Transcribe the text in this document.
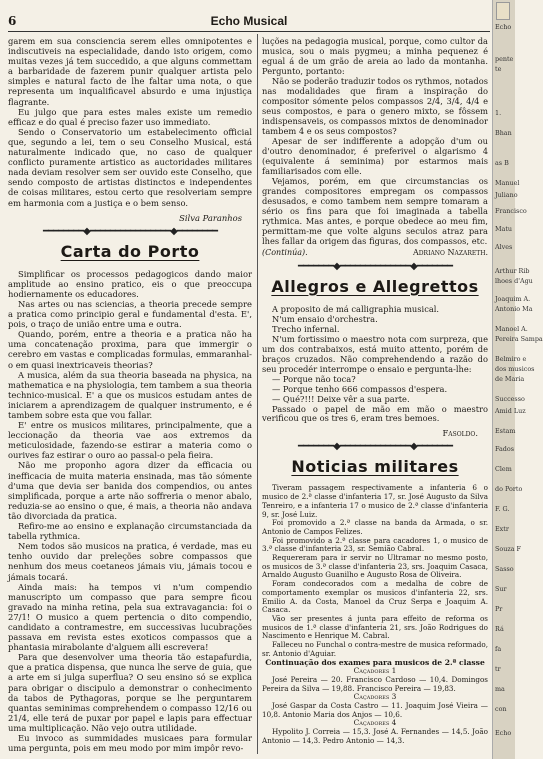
6	Echo Musical

garem em sua consciencia serem elles omnipotentes e indiscutiveis na especialidade, dando isto origem, como muitas vezes já tem succedido, a que alguns commettam a barbaridade de fazerem punir qualquer artista pelo simples e natural facto de lhe faltar uma nota, o que representa um inqualificavel absurdo e uma injustiça flagrante.

Eu julgo que para estes males existe um remedio efficaz e do qual é preciso fazer uso immediato.

Sendo o Conservatorio um estabelecimento official que, segundo a lei, tem o seu Conselho Musical, está naturalmente indicado que, no caso de qualquer conflicto puramente artistico as auctoridades militares nada deviam resolver sem ser ouvido este Conselho, que sendo composto de artistas distinctos e independentes de coisas militares, estou certo que resolveriam sempre em harmonia com a justiça e o bem senso.

Silva Paranhos

━━━━━━━━◆━━━━━━━━━━━━━━━━◆━━━━━━━━
Carta do Porto

Simplificar os processos pedagogicos dando maior amplitude ao ensino pratico, eis o que preoccupa hodiernamente os educadores.

Nas artes ou nas sciencias, a theoria precede sempre a pratica como principio geral e fundamental d'esta. E', pois, o traço de união entre uma e outra.

Quando, porém, entre a theoria e a pratica não ha uma concatenação proxima, para que immergir o cerebro em vastas e complicadas formulas, emmaranhal-o em quasi inextricaveis theorias?

A musica, além da sua theoria baseada na physica, na mathematica e na physiologia, tem tambem a sua theoria technico-musical. E' a que os musicos estudam antes de iniciarem a aprendizagem de qualquer instrumento, e é tambem sobre esta que vou fallar.

E' entre os musicos militares, principalmente, que a leccionação da theoria vae aos extremos da meticulosidade, fazendo-se estirar a materia como o ourives faz estirar o ouro ao passal-o pela fieira.

Não me proponho agora dizer da efficacia ou inefficacia de muita materia ensinada, mas tão sómente d'uma que devia ser banida dos compendios, ou antes simplificada, porque a arte não soffreria o menor abalo, reduzia-se ao ensino o que, é mais, a theoria não andava tão divorciada da pratica.

Refiro-me ao ensino e explanação circumstanciada da tabella rythmica.

Nem todos são musicos na pratica, é verdade, mas eu tenho ouvido dar preleções sobre compassos que nenhum dos meus coetaneos jámais viu, jámais tocou e jámais tocará.

Ainda mais: ha tempos vi n'um compendio manuscripto um compasso que para sempre ficou gravado na minha retina, pela sua extravagancia: foi o 27/1! O musico a quem pertencia o dito compendio, candidato a contramestre, em successivas lucubrações passava em revista estes exoticos compassos que a phantasia mirabolante d'alguem alli escrevera!

Para que desenvolver uma theoria tão estapafurdia, que a pratica dispensa, que nunca lhe serve de guia, que a arte em si julga superflua? O seu ensino só se explica para obrigar o discipulo a demonstrar o conhecimento da tabos de Pythagoras, porque se lhe perguntarem quantas seminimas comprehendem o compasso 12/16 ou 21/4, elle terá de puxar por papel e lapis para effectuar uma multiplicação. Não vejo outra utilidade.

Eu invoco as summidades musicaes para formular uma pergunta, pois em meu modo por mim impôr revo-

luções na pedagogia musical, porque, como cultor da musica, sou o mais pygmeu; a minha pequenez é egual á de um grão de areia ao lado da montanha. Pergunto, portanto:

Não se poderão traduzir todos os rythmos, notados nas modalidades que firam a inspiração do compositor sómente pelos compassos 2/4, 3/4, 4/4 e seus compostos, e para o genero mixto, se fôssem indispensaveis, os compassos mixtos de denominador tambem 4 e os seus compostos?

Apesar de ser indifferente a adopção d'um ou d'outro denominador, é preferivel o algarismo 4 (equivalente á seminima) por estarmos mais familiarisados com elle.

Vejamos, porém, em que circumstancias os grandes compositores empregam os compassos desusados, e como tambem nem sempre tomaram a sério os fins para que foi imaginada a tabella rythmica. Mas antes, e porque obedece ao meu fim, permittam-me que volte alguns seculos atraz para lhes fallar da origem das figuras, dos compassos, etc.

(Continúa).	Adriano Nazareth.
━━━━━━━◆━━━━━━━━━━━━━━◆━━━━━━━
Allegros e Allegrettos

A proposito de má calligraphia musical.

N'um ensaio d'orchestra.

Trecho infernal.

N'um fortissimo o maestro nota com surpreza, que um dos contrabaixos, está muito attento, porém de braços cruzados. Não comprehendendo a razão do seu procedér interrompe o ensaio e pergunta-lhe:

— Porque não toca?

— Porque tenho 666 compassos d'espera.

— Qué?!!! Deixe vêr a sua parte.

Passado o papel de mão em mão o maestro verificou que os tres 6, eram tres bemoes.

Fasoldo.

━━━━━━━◆━━━━━━━━━━━━━━◆━━━━━━━
Noticias militares

Tiveram passagem respectivamente a infanteria 6 o musico de 2.ª classe d'infanteria 17, sr. José Augusto da Silva Tenreiro, e a infanteria 17 o musico de 2.ª classe d'infanteria 9, sr. José Luiz.

Foi promovido a 2.ª classe na banda da Armada, o sr. Antonio de Campos Felizes.

Foi promovido a 2.ª classe para cacadores 1, o musico de 3.ª classe d'infanteria 23, sr. Semião Cabral.

Requereram para ir servir no Ultramar no mesmo posto, os musicos de 3.ª classe d'infanteria 23, srs. Joaquim Casaca, Arnaldo Augusto Guanilho e Augusto Rosa de Oliveira.

Foram condecorados com a medalha de cobre de comportamento exemplar os musicos d'infanteria 22, srs. Emilio A. da Costa, Manoel da Cruz Serpa e Joaquim A. Casaca.

Vão ser presentes á junta para effeito de reforma os musicos de 1.ª classe d'infanteria 21, srs. João Rodrigues do Nascimento e Henrique M. Cabral.

Falleceu no Funchal o contra-mestre de musica reformado, sr. Antonio d'Aguiar.

Continuação dos exames para musicos de 2.ª classe

Caçadores 1

José Pereira — 20. Francisco Cardoso — 10,4. Domingos Pereira da Silva — 19,88. Francisco Pereira — 19,83.

Caçadores 3

José Gaspar da Costa Castro — 11. Joaquim José Vieira — 10,8. Antonio Maria dos Anjos — 10,6.

Caçadores 4

Hypolito J. Correia — 15,3. José A. Fernandes — 14,5. João Antonio — 14,3. Pedro Antonio — 14,3.

Echo
pente
te
1.
Bhan
as B
Manuel
Juliano
Francisco
Matu
Alves
Arthur Rib
lhoes d'Agu
Joaquim A.
Antonio Ma
Manoel A.
Pereira Sampa
Belmiro e
dos musicos
de Maria
Successo
Amid Luz
Estam
Fados
Clem
do Porto
F. G.
Extr
Souza F
Sasso
Sur
Pr
Rá
fa
tr
ma
con
Echo
